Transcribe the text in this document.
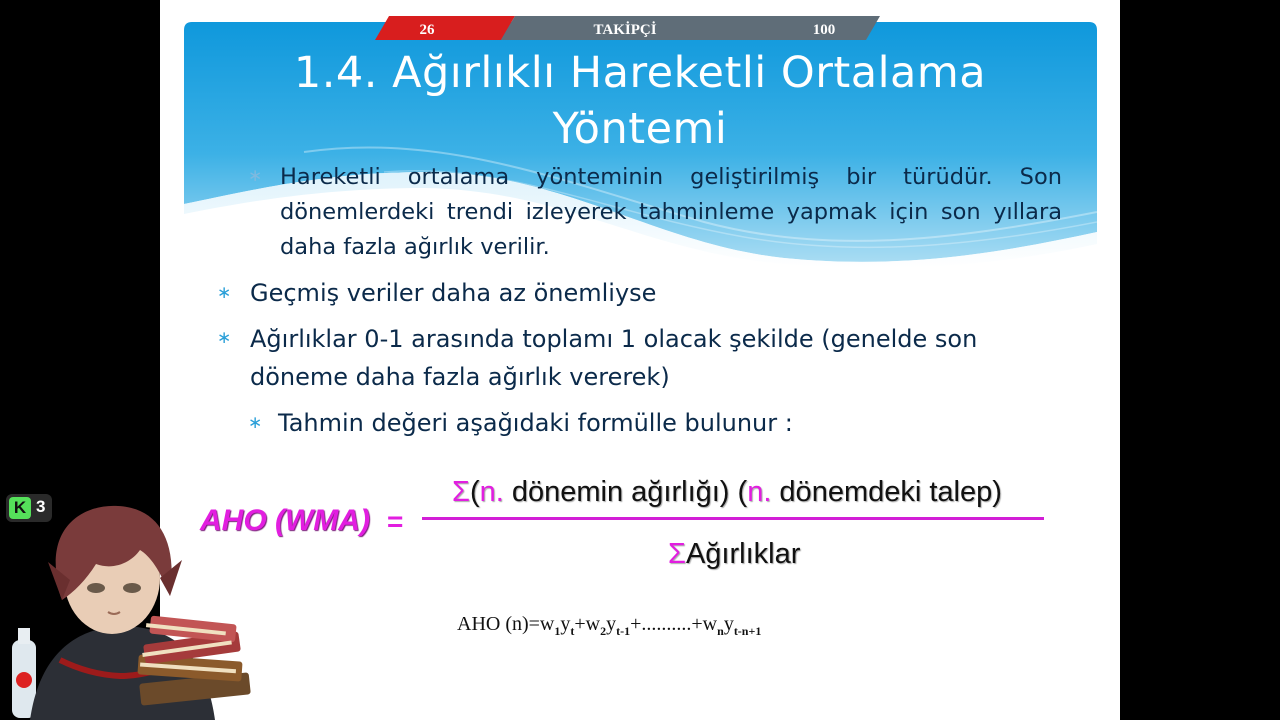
1.4. Ağırlıklı Hareketli Ortalama
Yöntemi
∗ Hareketli ortalama yönteminin geliştirilmiş bir türüdür. Son dönemlerdeki trendi izleyerek tahminleme yapmak için son yıllara daha fazla ağırlık verilir.
∗ Geçmiş veriler daha az önemliyse
∗ Ağırlıklar 0-1 arasında toplamı 1 olacak şekilde (genelde son döneme daha fazla ağırlık vererek)
∗ Tahmin değeri aşağıdaki formülle bulunur :
AHO (WMA) =
Σ(n. dönemin ağırlığı) (n. dönemdeki talep)
ΣAğırlıklar
AHO $(n)=w_1y_t+w_2y_{t-1}+..........+w_ny_{t-n+1}$
26	TAKİPÇİ	100
K 3
